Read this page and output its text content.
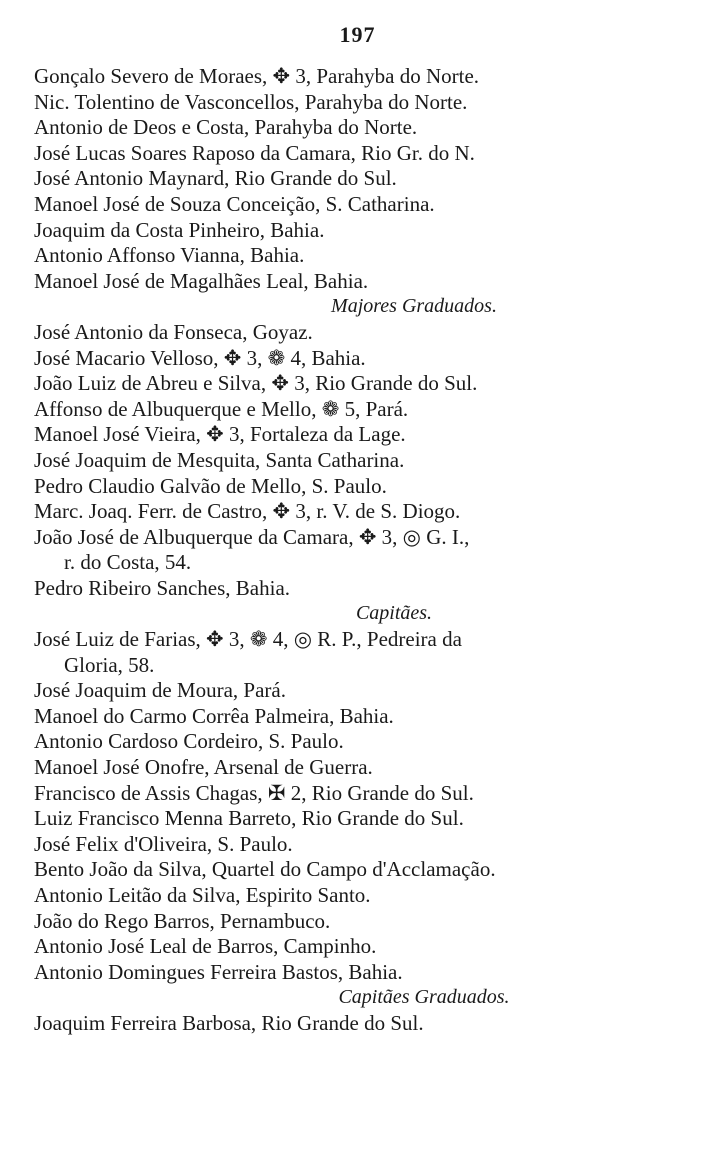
197
Gonçalo Severo de Moraes, ✥ 3, Parahyba do Norte.
Nic. Tolentino de Vasconcellos, Parahyba do Norte.
Antonio de Deos e Costa, Parahyba do Norte.
José Lucas Soares Raposo da Camara, Rio Gr. do N.
José Antonio Maynard, Rio Grande do Sul.
Manoel José de Souza Conceição, S. Catharina.
Joaquim da Costa Pinheiro, Bahia.
Antonio Affonso Vianna, Bahia.
Manoel José de Magalhães Leal, Bahia.
Majores Graduados.
José Antonio da Fonseca, Goyaz.
José Macario Velloso, ✥ 3, ❁ 4, Bahia.
João Luiz de Abreu e Silva, ✥ 3, Rio Grande do Sul.
Affonso de Albuquerque e Mello, ❁ 5, Pará.
Manoel José Vieira, ✥ 3, Fortaleza da Lage.
José Joaquim de Mesquita, Santa Catharina.
Pedro Claudio Galvão de Mello, S. Paulo.
Marc. Joaq. Ferr. de Castro, ✥ 3, r. V. de S. Diogo.
João José de Albuquerque da Camara, ✥ 3, ◎ G. I.,
r. do Costa, 54.
Pedro Ribeiro Sanches, Bahia.
Capitães.
José Luiz de Farias, ✥ 3, ❁ 4, ◎ R. P., Pedreira da
Gloria, 58.
José Joaquim de Moura, Pará.
Manoel do Carmo Corrêa Palmeira, Bahia.
Antonio Cardoso Cordeiro, S. Paulo.
Manoel José Onofre, Arsenal de Guerra.
Francisco de Assis Chagas, ✠ 2, Rio Grande do Sul.
Luiz Francisco Menna Barreto, Rio Grande do Sul.
José Felix d'Oliveira, S. Paulo.
Bento João da Silva, Quartel do Campo d'Acclamação.
Antonio Leitão da Silva, Espirito Santo.
João do Rego Barros, Pernambuco.
Antonio José Leal de Barros, Campinho.
Antonio Domingues Ferreira Bastos, Bahia.
Capitães Graduados.
Joaquim Ferreira Barbosa, Rio Grande do Sul.
